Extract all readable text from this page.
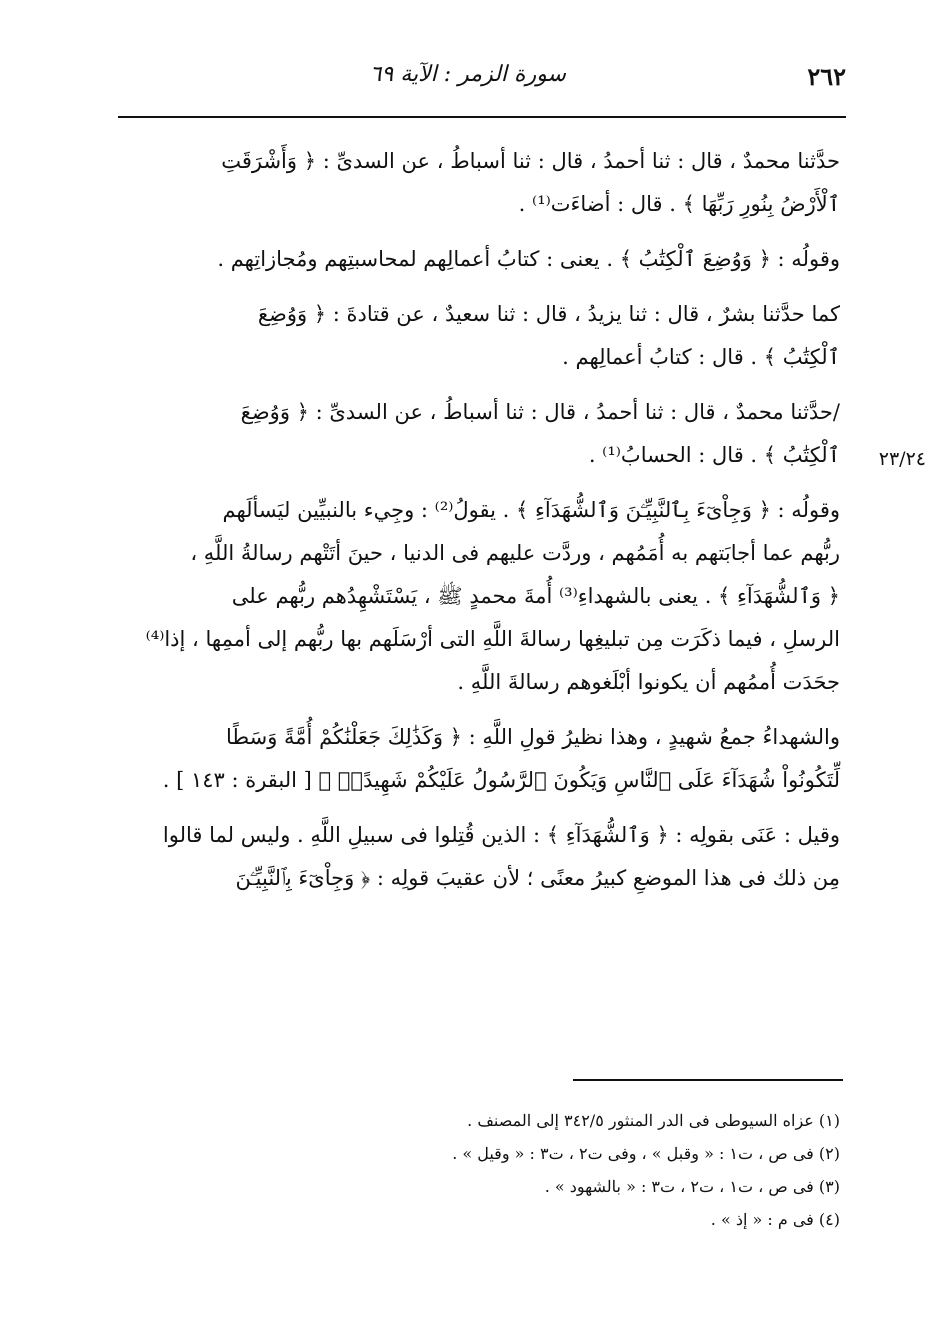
٢٦٢
سورة الزمر : الآية ٦٩
٢٣/٢٤

حدَّثنا محمدٌ ، قال : ثنا أحمدُ ، قال : ثنا أسباطُ ، عن السدىِّ : ﴿ وَأَشْرَقَتِ

ٱلْأَرْضُ بِنُورِ رَبِّهَا ﴾ . قال : أضاءَت⁽¹⁾ .

وقولُه : ﴿ وَوُضِعَ ٱلْكِتَٰبُ ﴾ . يعنى : كتابُ أعمالِهم لمحاسبتِهم ومُجازاتِهم .

كما حدَّثنا بشرٌ ، قال : ثنا يزيدُ ، قال : ثنا سعيدٌ ، عن قتادةَ : ﴿ وَوُضِعَ

ٱلْكِتَٰبُ ﴾ . قال : كتابُ أعمالِهم .

/حدَّثنا محمدٌ ، قال : ثنا أحمدُ ، قال : ثنا أسباطُ ، عن السدىِّ : ﴿ وَوُضِعَ

ٱلْكِتَٰبُ ﴾ . قال : الحسابُ⁽¹⁾ .

وقولُه : ﴿ وَجِاْىٓءَ بِٱلنَّبِيِّـۧنَ وَٱلشُّهَدَآءِ ﴾ . يقولُ⁽²⁾ : وجِيء بالنبيِّين ليَسألَهم

ربُّهم عما أجابَتهم به أُمَمُهم ، وردَّت عليهم فى الدنيا ، حينَ أتَتْهم رسالةُ اللَّهِ ،

﴿ وَٱلشُّهَدَآءِ ﴾ . يعنى بالشهداءِ⁽³⁾ أُمةَ محمدٍ ﷺ ، يَسْتَشْهِدُهم ربُّهم على

الرسلِ ، فيما ذكَرَت مِن تبليغِها رسالةَ اللَّهِ التى أرْسَلَهم بها ربُّهم إلى أممِها ، إذا⁽⁴⁾

جحَدَت أُممُهم أن يكونوا أبْلَغوهم رسالةَ اللَّهِ .

والشهداءُ جمعُ شهيدٍ ، وهذا نظيرُ قولِ اللَّهِ : ﴿ وَكَذَٰلِكَ جَعَلْنَٰكُمْ أُمَّةً وَسَطًا

لِّتَكُونُواْ شُهَدَآءَ عَلَى ٱلنَّاسِ وَيَكُونَ ٱلرَّسُولُ عَلَيْكُمْ شَهِيدًاۗ ﴾ [ البقرة : ١٤٣ ] .

وقيل : عَنَى بقولِه : ﴿ وَٱلشُّهَدَآءِ ﴾ : الذين قُتِلوا فى سبيلِ اللَّهِ . وليس لما قالوا

مِن ذلك فى هذا الموضعِ كبيرُ معنًى ؛ لأن عقيبَ قولِه : ﴿ وَجِاْىٓءَ بِٱلنَّبِيِّـۧنَ

(١) عزاه السيوطى فى الدر المنثور ٣٤٢/٥ إلى المصنف .

(٢) فى ص ، ت١ : « وقبل » ، وفى ت٢ ، ت٣ : « وقيل » .

(٣) فى ص ، ت١ ، ت٢ ، ت٣ : « بالشهود » .

(٤) فى م : « إذ » .
